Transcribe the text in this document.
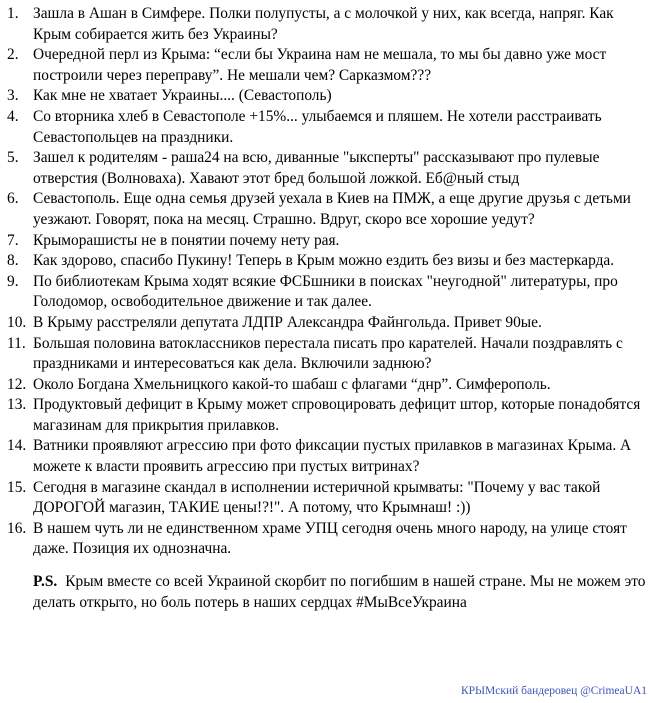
1. Зашла в Ашан в Симфере. Полки полупусты, а с молочкой у них, как всегда, напряг. Как Крым собирается жить без Украины?
2. Очередной перл из Крыма: “если бы Украина нам не мешала, то мы бы давно уже мост построили через переправу”. Не мешали чем? Сарказмом???
3. Как мне не хватает Украины.... (Севастополь)
4. Со вторника хлеб в Севастополе +15%... улыбаемся и пляшем. Не хотели расстраивать Севастопольцев на праздники.
5. Зашел к родителям - раша24 на всю, диванные "ыксперты" рассказывают про пулевые отверстия (Волноваха). Хавают этот бред большой ложкой. Еб@ный стыд
6. Севастополь. Еще одна семья друзей уехала в Киев на ПМЖ, а еще другие друзья с детьми уезжают. Говорят, пока на месяц. Страшно. Вдруг, скоро все хорошие уедут?
7. Крыморашисты не в понятии почему нету рая.
8. Как здорово, спасибо Пукину! Теперь в Крым можно ездить без визы и без мастеркарда.
9. По библиотекам Крыма ходят всякие ФСБшники в поисках "неугодной" литературы, про Голодомор, освободительное движение и так далее.
10. В Крыму расстреляли депутата ЛДПР Александра Файнгольда. Привет 90ые.
11. Большая половина ватоклассников перестала писать про карателей. Начали поздравлять с праздниками и интересоваться как дела. Включили заднюю?
12. Около Богдана Хмельницкого какой-то шабаш с флагами “днр”. Симферополь.
13. Продуктовый дефицит в Крыму может спровоцировать дефицит штор, которые понадобятся магазинам для прикрытия прилавков.
14. Ватники проявляют агрессию при фото фиксации пустых прилавков в магазинах Крыма. А можете к власти проявить агрессию при пустых витринах?
15. Сегодня в магазине скандал в исполнении истеричной крымваты: "Почему у вас такой ДОРОГОЙ магазин, ТАКИЕ цены!?!". А потому, что Крымнаш! :))
16. В нашем чуть ли не единственном храме УПЦ сегодня очень много народу, на улице стоят даже. Позиция их однозначна.

P.S. Крым вместе со всей Украиной скорбит по погибшим в нашей стране. Мы не можем это делать открыто, но боль потерь в наших сердцах #МыВсеУкраина

КРЫМский бандеровец @CrimeaUA1
